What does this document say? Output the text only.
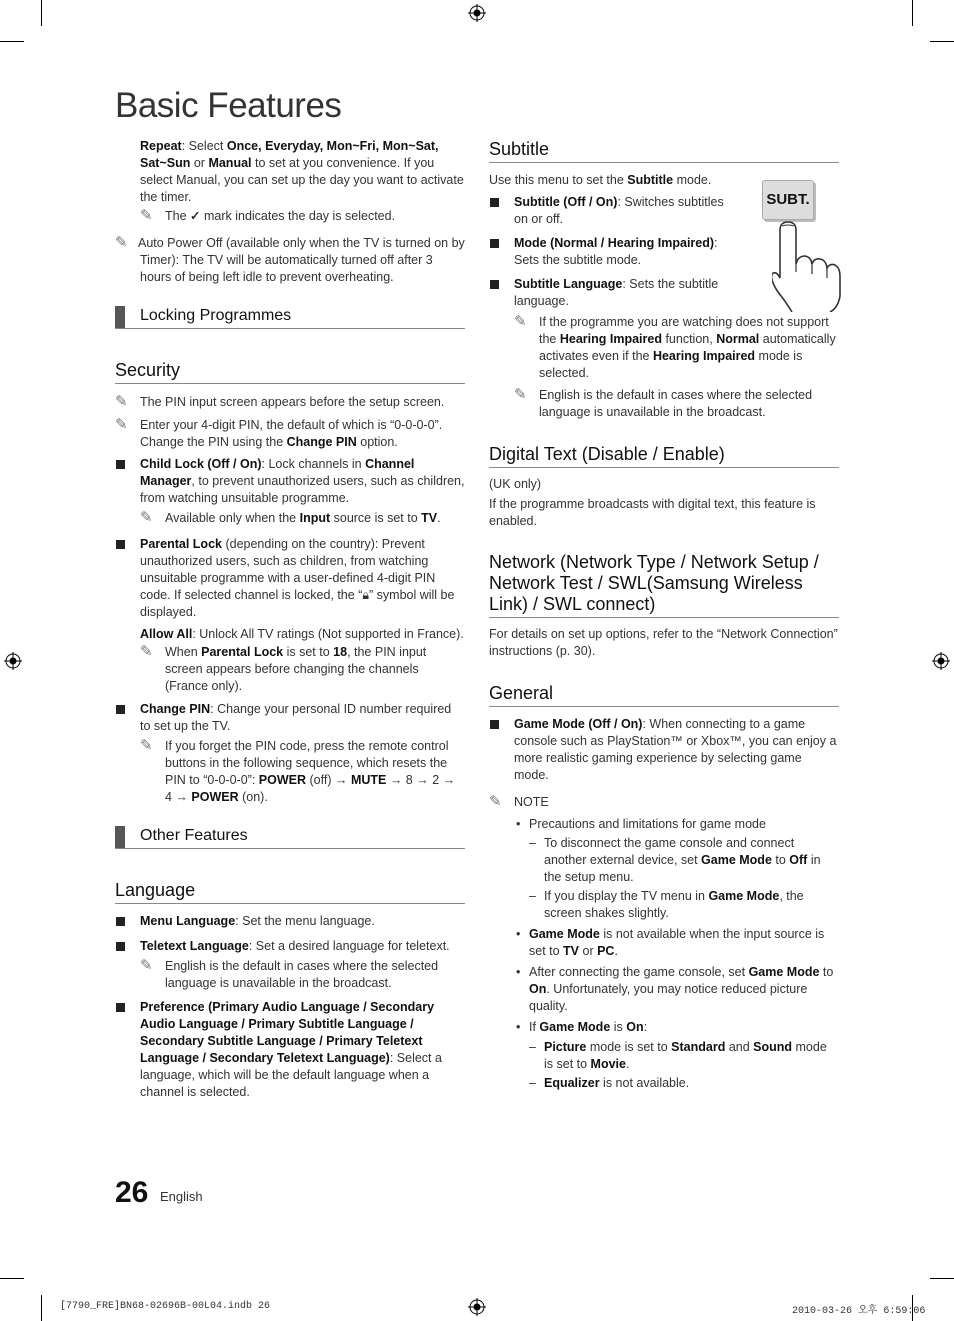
Basic Features

Repeat: Select Once, Everyday, Mon~Fri, Mon~Sat, Sat~Sun or Manual to set at you convenience. If you select Manual, you can set up the day you want to activate the timer.

✎ The ✓ mark indicates the day is selected.
✎ Auto Power Off (available only when the TV is turned on by Timer): The TV will be automatically turned off after 3 hours of being left idle to prevent overheating.
Locking Programmes
Security
✎ The PIN input screen appears before the setup screen.
✎ Enter your 4-digit PIN, the default of which is “0-0-0-0”. Change the PIN using the Change PIN option.
Child Lock (Off / On): Lock channels in Channel Manager, to prevent unauthorized users, such as children, from watching unsuitable programme.
✎ Available only when the Input source is set to TV.
Parental Lock (depending on the country): Prevent unauthorized users, such as children, from watching unsuitable programme with a user-defined 4-digit PIN code. If selected channel is locked, the “🔒︎” symbol will be displayed.

Allow All: Unlock All TV ratings (Not supported in France).

✎ When Parental Lock is set to 18, the PIN input screen appears before changing the channels (France only).
Change PIN: Change your personal ID number required to set up the TV.
✎ If you forget the PIN code, press the remote control buttons in the following sequence, which resets the PIN to “0-0-0-0”: POWER (off) → MUTE → 8 → 2 → 4 → POWER (on).
Other Features
Language
Menu Language: Set the menu language.
Teletext Language: Set a desired language for teletext.
✎ English is the default in cases where the selected language is unavailable in the broadcast.
Preference (Primary Audio Language / Secondary Audio Language / Primary Subtitle Language / Secondary Subtitle Language / Primary Teletext Language / Secondary Teletext Language): Select a language, which will be the default language when a channel is selected.
Subtitle
SUBT.

Use this menu to set the Subtitle mode.

Subtitle (Off / On): Switches subtitles on or off.
Mode (Normal / Hearing Impaired): Sets the subtitle mode.
Subtitle Language: Sets the subtitle language.
✎ If the programme you are watching does not support the Hearing Impaired function, Normal automatically activates even if the Hearing Impaired mode is selected.
✎ English is the default in cases where the selected language is unavailable in the broadcast.
Digital Text (Disable / Enable)

(UK only)

If the programme broadcasts with digital text, this feature is enabled.

Network (Network Type / Network Setup / Network Test / SWL(Samsung Wireless Link) / SWL connect)

For details on set up options, refer to the “Network Connection” instructions (p. 30).

General
Game Mode (Off / On): When connecting to a game console such as PlayStation™ or Xbox™, you can enjoy a more realistic gaming experience by selecting game mode.
✎ NOTE
• Precautions and limitations for game mode
– To disconnect the game console and connect another external device, set Game Mode to Off in the setup menu.
– If you display the TV menu in Game Mode, the screen shakes slightly.
• Game Mode is not available when the input source is set to TV or PC.
• After connecting the game console, set Game Mode to On. Unfortunately, you may notice reduced picture quality.
• If Game Mode is On:
– Picture mode is set to Standard and Sound mode is set to Movie.
– Equalizer is not available.
26 English
[7790_FRE]BN68-02696B-00L04.indb 26	2010-03-26 오후 6:59:06
